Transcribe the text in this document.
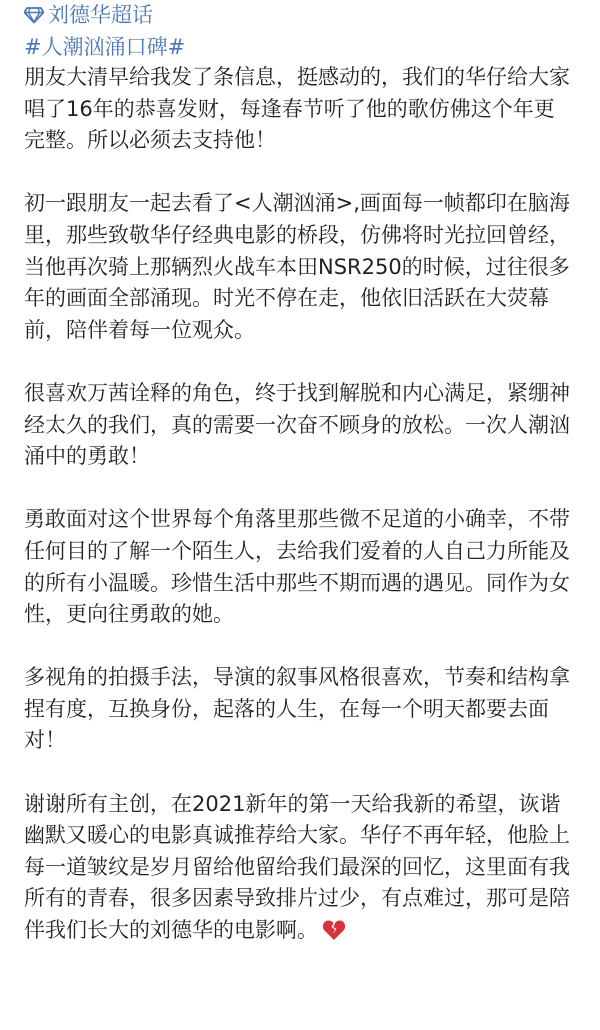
刘德华超话
#人潮汹涌口碑#

朋友大清早给我发了条信息，挺感动的，我们的华仔给大家唱了16年的恭喜发财，每逢春节听了他的歌仿佛这个年更完整。所以必须去支持他！

初一跟朋友一起去看了<人潮汹涌>,画面每一帧都印在脑海里，那些致敬华仔经典电影的桥段，仿佛将时光拉回曾经，当他再次骑上那辆烈火战车本田NSR250的时候，过往很多年的画面全部涌现。时光不停在走，他依旧活跃在大荧幕前，陪伴着每一位观众。

很喜欢万茜诠释的角色，终于找到解脱和内心满足，紧绷神经太久的我们，真的需要一次奋不顾身的放松。一次人潮汹涌中的勇敢！

勇敢面对这个世界每个角落里那些微不足道的小确幸，不带任何目的了解一个陌生人，去给我们爱着的人自己力所能及的所有小温暖。珍惜生活中那些不期而遇的遇见。同作为女性，更向往勇敢的她。

多视角的拍摄手法，导演的叙事风格很喜欢，节奏和结构拿捏有度，互换身份，起落的人生，在每一个明天都要去面对！

谢谢所有主创，在2021新年的第一天给我新的希望，诙谐幽默又暖心的电影真诚推荐给大家。华仔不再年轻，他脸上每一道皱纹是岁月留给他留给我们最深的回忆，这里面有我所有的青春，很多因素导致排片过少，有点难过，那可是陪伴我们长大的刘德华的电影啊。
